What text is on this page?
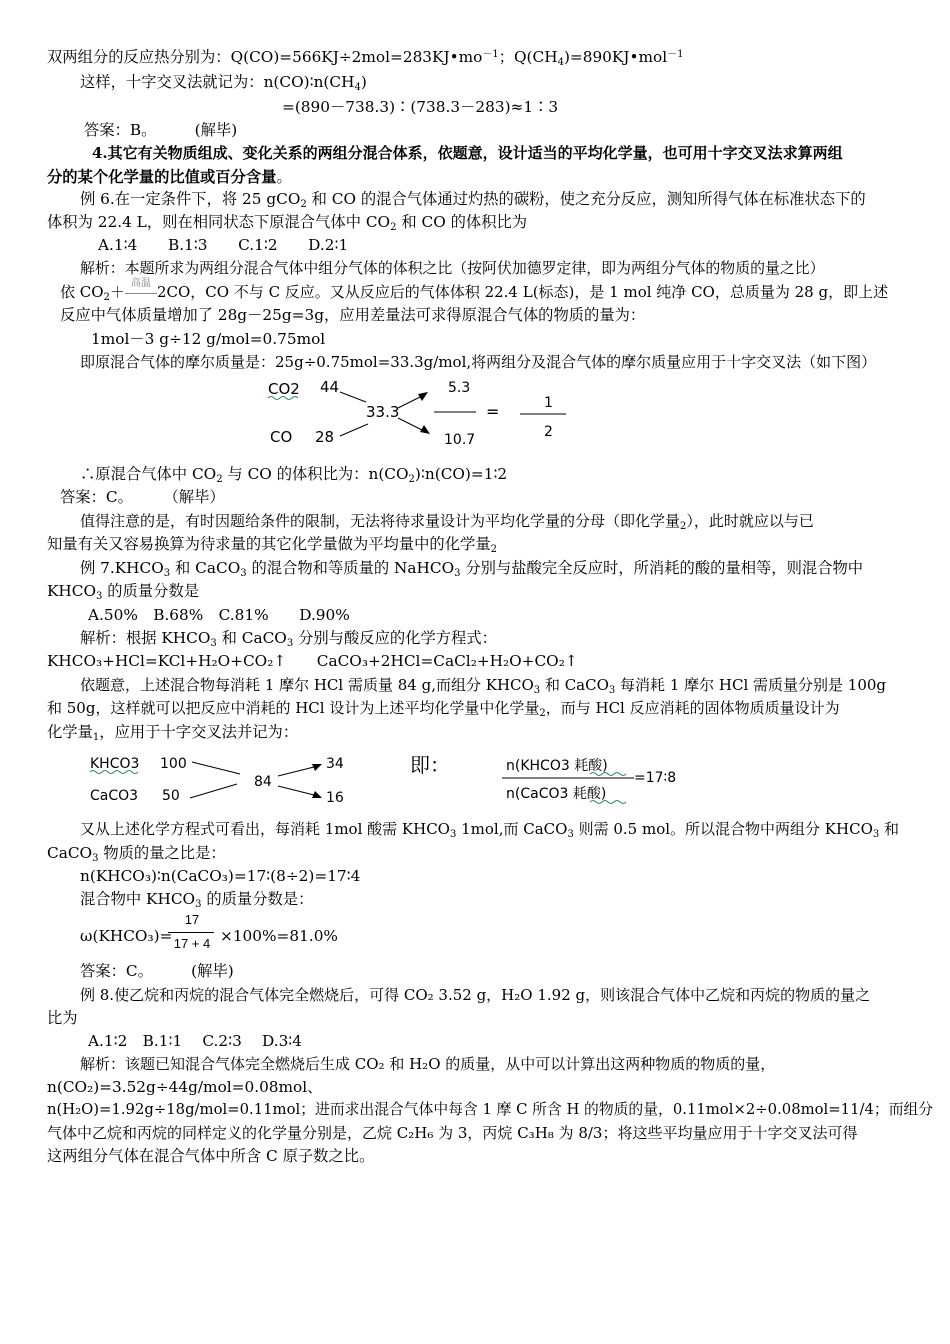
双两组分的反应热分别为：$Q(CO)=566KJ\div 2mol=283KJ•mo^{-1}$；$Q(CH_4)=890KJ•mol^{-1}$
这样，十字交叉法就记为：$n(CO)∶n(CH_4)$
=(890－738.3)∶(738.3－283)≈1∶3
答案：B。　　　(解毕)
4.其它有关物质组成、变化关系的两组分混合体系，依题意，设计适当的平均化学量，也可用十字交叉法求算两组
分的某个化学量的比值或百分含量。
例 6.在一定条件下，将 25 gCO$_2$ 和 CO 的混合气体通过灼热的碳粉，使之充分反应，测知所得气体在标准状态下的
体积为 22.4 L，则在相同状态下原混合气体中 $CO_2$ 和 CO 的体积比为
A.1∶4　　B.1∶3　　C.1∶2　　D.2∶1
解析：本题所求为两组分混合气体中组分气体的体积之比（按阿伏加德罗定律，即为两组分气体的物质的量之比）
依 $CO_2+$ 高温 2CO，CO 不与 C 反应。又从反应后的气体体积 22.4 L(标态)，是 1 mol 纯净 CO，总质量为 28 g，即上述
反应中气体质量增加了 28g－25g=3g，应用差量法可求得原混合气体的物质的量为：
1mol－3 g÷12 g/mol=0.75mol
即原混合气体的摩尔质量是：25g÷0.75mol=33.3g/mol,将两组分及混合气体的摩尔质量应用于十字交叉法（如下图）
CO2 44
CO 28
33.3
5.3
10.7
=	1
2
∴原混合气体中 $CO_2$ 与 CO 的体积比为：$n(CO_2)∶n(CO)=1∶2$
答案：C。　　　（解毕）
值得注意的是，有时因题给条件的限制，无法将待求量设计为平均化学量的分母（即化学量$_2$），此时就应以与已
知量有关又容易换算为待求量的其它化学量做为平均量中的化学量$_2$
例 $7.KHCO_3$ 和 CaCO$_3$ 的混合物和等质量的 NaHCO$_3$ 分别与盐酸完全反应时，所消耗的酸的量相等，则混合物中
$KHCO_3$ 的质量分数是
A.50%　B.68%　C.81%　　D.90%
解析：根据 $KHCO_3$ 和 CaCO$_3$ 分别与酸反应的化学方程式：
KHCO₃+HCl=KCl+H₂O+CO₂↑　　CaCO₃+2HCl=CaCl₂+H₂O+CO₂↑
依题意，上述混合物每消耗 1 摩尔 HCl 需质量 84 g,而组分 $KHCO_3$ 和 CaCO$_3$ 每消耗 1 摩尔 HCl 需质量分别是 100g
和 50g，这样就可以把反应中消耗的 HCl 设计为上述平均化学量中化学量$_2$，而与 HCl 反应消耗的固体物质质量设计为
化学量$_1$，应用于十字交叉法并记为：
KHCO3 100
CaCO3 50
84
34
16
即：	n(KHCO3 耗酸)
n(CaCO3 耗酸)
=17∶8
又从上述化学方程式可看出，每消耗 1mol 酸需 $KHCO_3$ 1mol,而 CaCO$_3$ 则需 0.5 mol。所以混合物中两组分 $KHCO_3$ 和
CaCO$_3$ 物质的量之比是：
n(KHCO₃)∶n(CaCO₃)=17∶(8÷2)=17∶4
混合物中 $KHCO_3$ 的质量分数是：
ω(KHCO₃)=
17
17 + 4 ×100%=81.0%
答案：C。　　　(解毕)
例 8.使乙烷和丙烷的混合气体完全燃烧后，可得 CO₂ 3.52 g，H₂O 1.92 g，则该混合气体中乙烷和丙烷的物质的量之
比为
A.1∶2　B.1∶1　 C.2∶3　 D.3∶4
解析：该题已知混合气体完全燃烧后生成 CO₂ 和 H₂O 的质量，从中可以计算出这两种物质的物质的量，
n(CO₂)=3.52g÷44g/mol=0.08mol、
n(H₂O)=1.92g÷18g/mol=0.11mol；进而求出混合气体中每含 1 摩 C 所含 H 的物质的量，0.11mol×2÷0.08mol=11/4；而组分
气体中乙烷和丙烷的同样定义的化学量分别是，乙烷 C₂H₆ 为 3，丙烷 C₃H₈ 为 8/3；将这些平均量应用于十字交叉法可得
这两组分气体在混合气体中所含 C 原子数之比。
